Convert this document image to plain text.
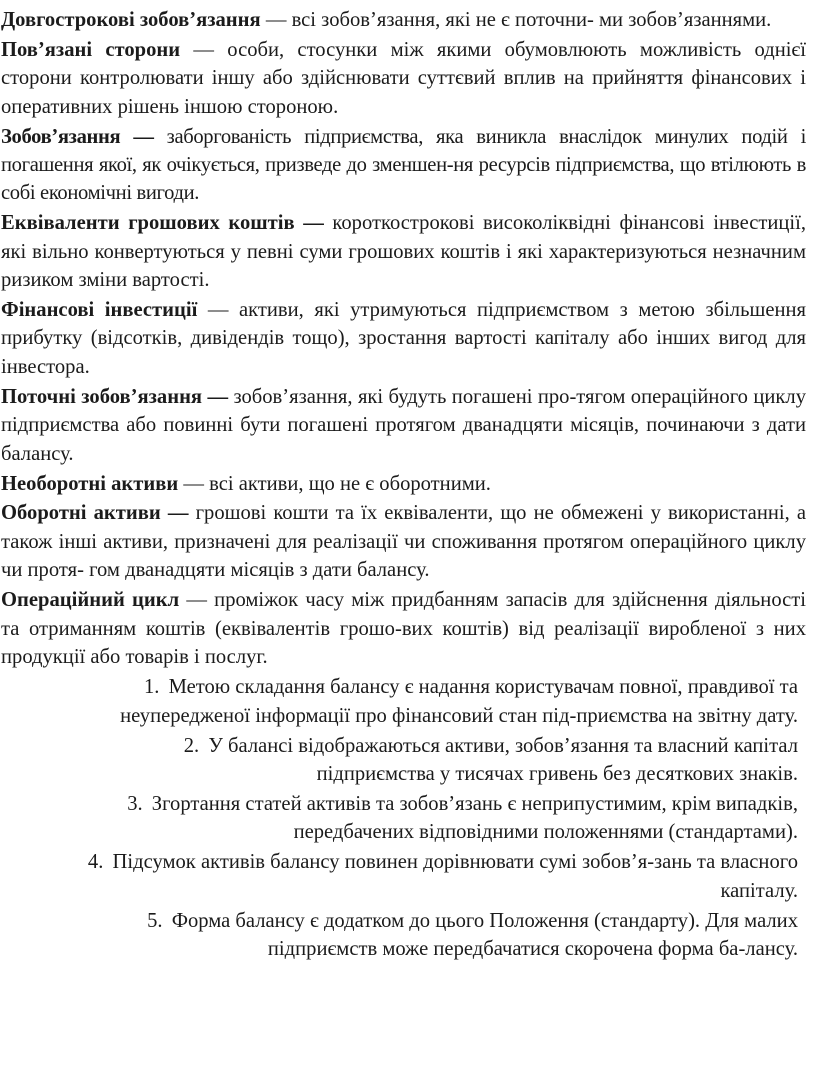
Довгострокові зобов’язання — всі зобов’язання, які не є поточни- ми зобов’язаннями.

Пов’язані сторони — особи, стосунки між якими обумовлюють можливість однієї сторони контролювати іншу або здійснювати суттєвий вплив на прийняття фінансових і оперативних рішень іншою стороною.

Зобов’язання — заборгованість підприємства, яка виникла внаслідок минулих подій і погашення якої, як очікується, призведе до зменшен-ня ресурсів підприємства, що втілюють в собі економічні вигоди.

Еквіваленти грошових коштів — короткострокові високоліквідні фінансові інвестиції, які вільно конвертуються у певні суми грошових коштів і які характеризуються незначним ризиком зміни вартості.

Фінансові інвестиції — активи, які утримуються підприємством з метою збільшення прибутку (відсотків, дивідендів тощо), зростання вартості капіталу або інших вигод для інвестора.

Поточні зобов’язання — зобов’язання, які будуть погашені про-тягом операційного циклу підприємства або повинні бути погашені протягом дванадцяти місяців, починаючи з дати балансу.

Необоротні активи — всі активи, що не є оборотними.

Оборотні активи — грошові кошти та їх еквіваленти, що не обмежені у використанні, а також інші активи, призначені для реалізації чи споживання протягом операційного циклу чи протя- гом дванадцяти місяців з дати балансу.

Операційний цикл — проміжок часу між придбанням запасів для здійснення діяльності та отриманням коштів (еквівалентів грошо-вих коштів) від реалізації виробленої з них продукції або товарів і послуг.

1. Метою складання балансу є надання користувачам повної, правдивої та неупередженої інформації про фінансовий стан під-приємства на звітну дату.

2. У балансі відображаються активи, зобов’язання та власний капітал підприємства у тисячах гривень без десяткових знаків.

3. Згортання статей активів та зобов’язань є неприпустимим, крім випадків, передбачених відповідними положеннями (стандартами).

4. Підсумок активів балансу повинен дорівнювати сумі зобов’я-зань та власного капіталу.

5. Форма балансу є додатком до цього Положення (стандарту). Для малих підприємств може передбачатися скорочена форма ба-лансу.
